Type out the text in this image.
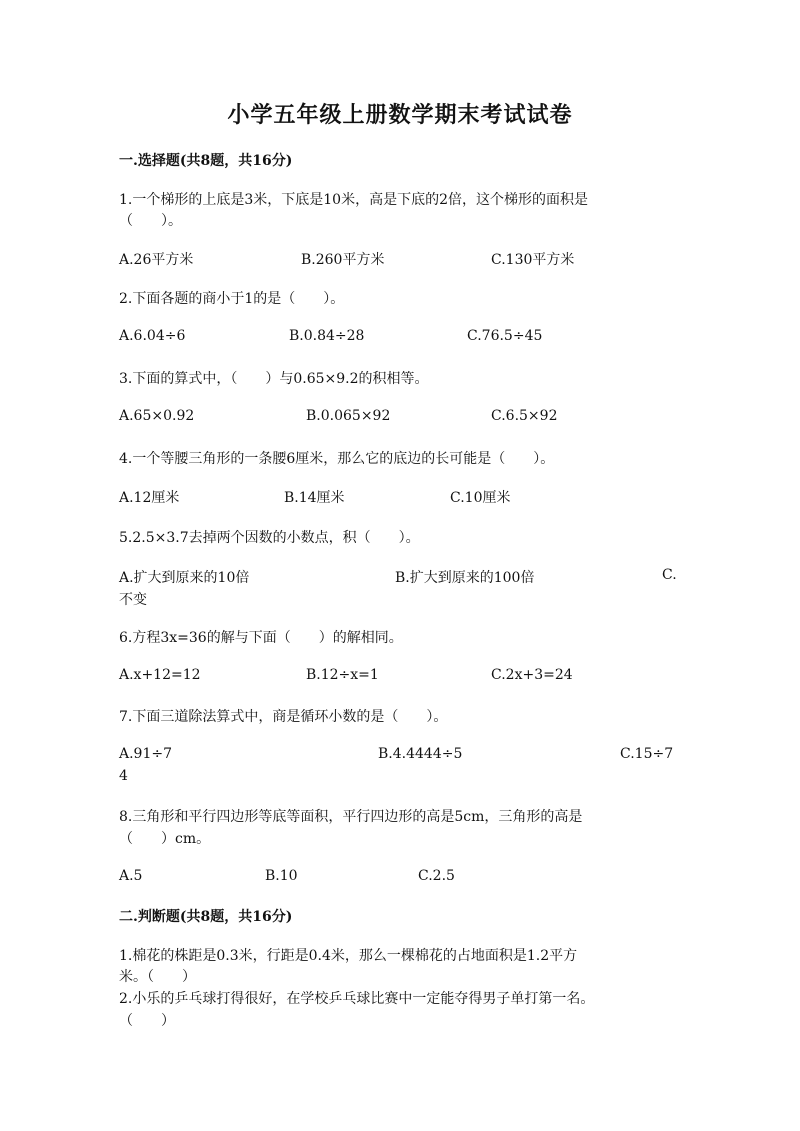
小学五年级上册数学期末考试试卷
一.选择题(共8题，共16分)
1.一个梯形的上底是3米，下底是10米，高是下底的2倍，这个梯形的面积是
（　　）。
A.26平方米	B.260平方米	C.130平方米
2.下面各题的商小于1的是（　　）。
A.6.04÷6	B.0.84÷28	C.76.5÷45
3.下面的算式中，（　　）与0.65×9.2的积相等。
A.65×0.92	B.0.065×92	C.6.5×92
4.一个等腰三角形的一条腰6厘米，那么它的底边的长可能是（　　）。
A.12厘米	B.14厘米	C.10厘米
5.2.5×3.7去掉两个因数的小数点，积（　　）。
A.扩大到原来的10倍	B.扩大到原来的100倍	C.
不变
6.方程3x=36的解与下面（　　）的解相同。
A.x+12=12	B.12÷x=1	C.2x+3=24
7.下面三道除法算式中，商是循环小数的是（　　）。
A.91÷7	B.4.4444÷5	C.15÷7
4
8.三角形和平行四边形等底等面积，平行四边形的高是5cm，三角形的高是
（　　）cm。
A.5	B.10	C.2.5
二.判断题(共8题，共16分)
1.棉花的株距是0.3米，行距是0.4米，那么一棵棉花的占地面积是1.2平方
米。（　　）
2.小乐的乒乓球打得很好，在学校乒乓球比赛中一定能夺得男子单打第一名。
（　　）
